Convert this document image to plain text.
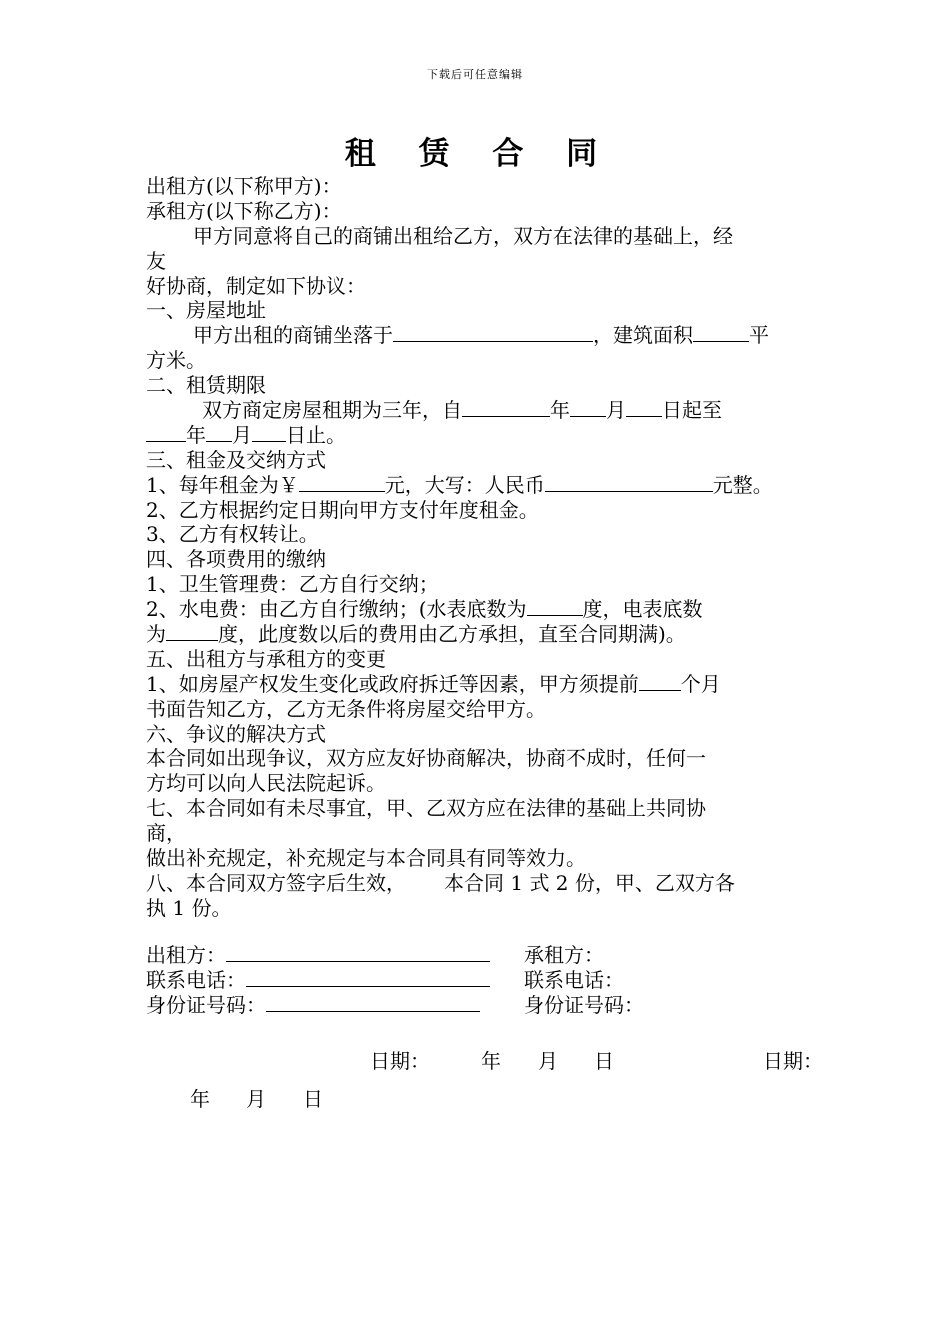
下载后可任意编辑
租 赁 合 同
出租方(以下称甲方)：
承租方(以下称乙方)：
甲方同意将自己的商铺出租给乙方，双方在法律的基础上，经
友
好协商，制定如下协议：
一、房屋地址
甲方出租的商铺坐落于	，建筑面积	平
方米。
二、租赁期限
双方商定房屋租期为三年，自	年 月 日起至
年 月 日止。
三、租金及交纳方式
1、每年租金为￥	元，大写：人民币	元整。
2、乙方根据约定日期向甲方支付年度租金。
3、乙方有权转让。
四、各项费用的缴纳
1、卫生管理费：乙方自行交纳；
2、水电费：由乙方自行缴纳；(水表底数为	度，电表底数
为	度，此度数以后的费用由乙方承担，直至合同期满)。
五、出租方与承租方的变更
1、如房屋产权发生变化或政府拆迁等因素，甲方须提前 个月
书面告知乙方，乙方无条件将房屋交给甲方。
六、争议的解决方式
本合同如出现争议，双方应友好协商解决，协商不成时，任何一
方均可以向人民法院起诉。
七、本合同如有未尽事宜，甲、乙双方应在法律的基础上共同协
商，
做出补充规定，补充规定与本合同具有同等效力。
八、本合同双方签字后生效， 本合同 1 式 2 份，甲、乙双方各
执 1 份。
出租方：	承租方：
联系电话：	联系电话：
身份证号码：	身份证号码：
日期：	年 月 日	日期：
年 月 日
